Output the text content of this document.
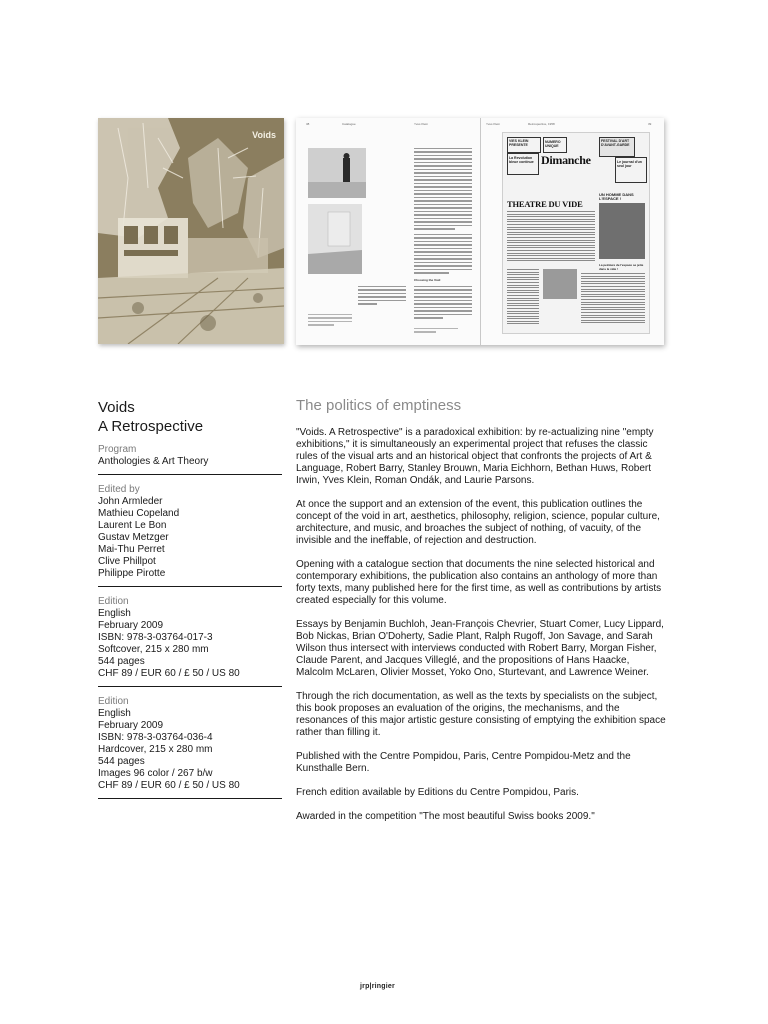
Voids
38	Catalogue	Yves Klein	Yves Klein	Retrospective, 1958	39
Choosing the Void
VIES KLEIN PRESENTE
NUMERO UNIQUE
FESTIVAL D'ART D'AVANT-GARDE
La Revolution bleue continue Dimanche	Le journal d'un seul jour
UN HOMME DANS L'ESPACE !
THEATRE DU VIDE
La peinture de l'espace se jette dans le vide !
Voids
A Retrospective
Program
Anthologies & Art Theory
Edited by
John Armleder
Mathieu Copeland
Laurent Le Bon
Gustav Metzger
Mai-Thu Perret
Clive Phillpot
Philippe Pirotte
Edition
English
February 2009
ISBN: 978-3-03764-017-3
Softcover, 215 x 280 mm
544 pages
CHF 89 / EUR 60 / £ 50 / US 80
Edition
English
February 2009
ISBN: 978-3-03764-036-4
Hardcover, 215 x 280 mm
544 pages
Images 96 color / 267 b/w
CHF 89 / EUR 60 / £ 50 / US 80
The politics of emptiness

"Voids. A Retrospective" is a paradoxical exhibition: by re-actualizing nine "empty exhibitions," it is simultaneously an experimental project that refuses the classic rules of the visual arts and an historical object that confronts the projects of Art & Language, Robert Barry, Stanley Brouwn, Maria Eichhorn, Bethan Huws, Robert Irwin, Yves Klein, Roman Ondák, and Laurie Parsons.

At once the support and an extension of the event, this publication outlines the concept of the void in art, aesthetics, philosophy, religion, science, popular culture, architecture, and music, and broaches the subject of nothing, of vacuity, of the invisible and the ineffable, of rejection and destruction.

Opening with a catalogue section that documents the nine selected historical and contemporary exhibitions, the publication also contains an anthology of more than forty texts, many published here for the first time, as well as contributions by artists created especially for this volume.

Essays by Benjamin Buchloh, Jean-François Chevrier, Stuart Comer, Lucy Lippard, Bob Nickas, Brian O'Doherty, Sadie Plant, Ralph Rugoff, Jon Savage, and Sarah Wilson thus intersect with interviews conducted with Robert Barry, Morgan Fisher, Claude Parent, and Jacques Villeglé, and the propositions of Hans Haacke, Malcolm McLaren, Olivier Mosset, Yoko Ono, Sturtevant, and Lawrence Weiner.

Through the rich documentation, as well as the texts by specialists on the subject, this book proposes an evaluation of the origins, the mechanisms, and the resonances of this major artistic gesture consisting of emptying the exhibition space rather than filling it.

Published with the Centre Pompidou, Paris, Centre Pompidou-Metz and the Kunsthalle Bern.

French edition available by Editions du Centre Pompidou, Paris.

Awarded in the competition "The most beautiful Swiss books 2009."

jrp|ringier
